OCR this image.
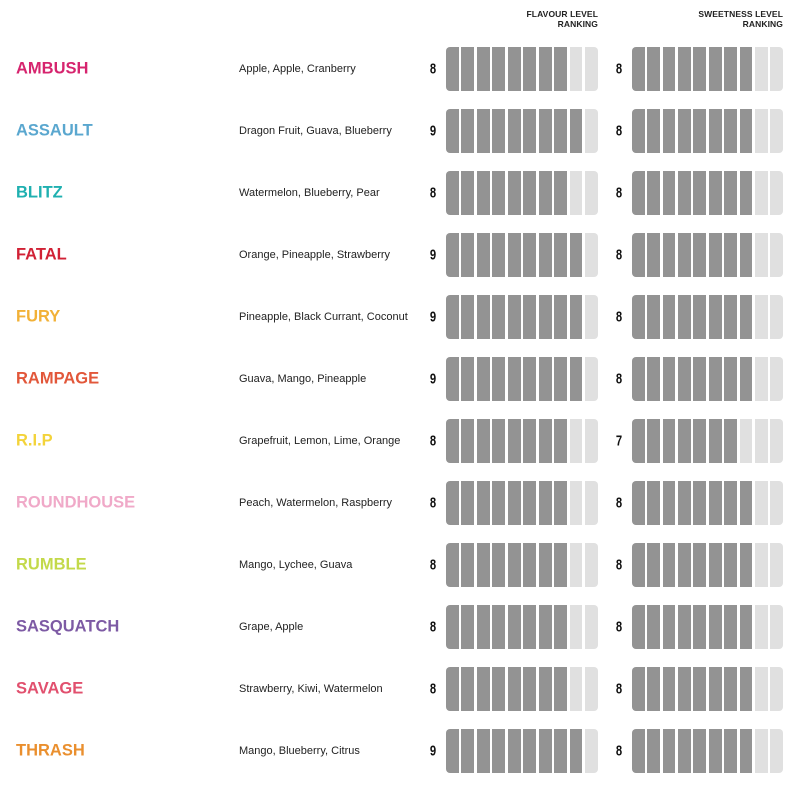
FLAVOUR LEVEL
RANKING
SWEETNESS LEVEL
RANKING
AMBUSH	Apple, Apple, Cranberry	8	8
ASSAULT	Dragon Fruit, Guava, Blueberry	9	8
BLITZ	Watermelon, Blueberry, Pear	8	8
FATAL	Orange, Pineapple, Strawberry	9	8
FURY	Pineapple, Black Currant, Coconut 9	8
RAMPAGE	Guava, Mango, Pineapple	9	8
R.I.P	Grapefruit, Lemon, Lime, Orange 8	7
ROUNDHOUSE	Peach, Watermelon, Raspberry	8	8
RUMBLE	Mango, Lychee, Guava	8	8
SASQUATCH	Grape, Apple	8	8
SAVAGE	Strawberry, Kiwi, Watermelon	8	8
THRASH	Mango, Blueberry, Citrus	9	8
